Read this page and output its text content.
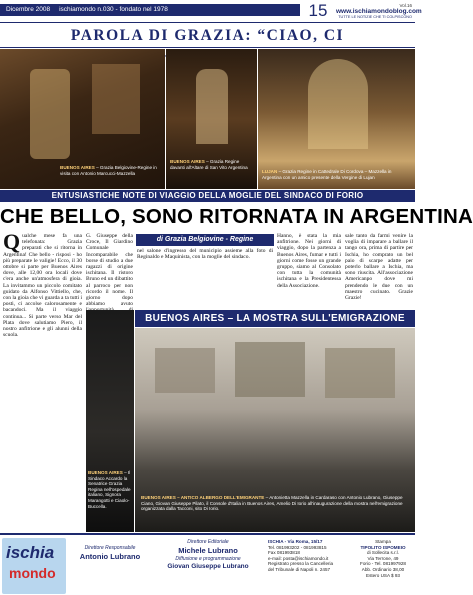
Dicembre 2008 ischiamondo n.030 - fondato nel 1978	15	Vol.16
www.ischiamondoblog.com
TUTTE LE NOTIZIE CHE TI COLPISCONO
PAROLA DI GRAZIA: “CIAO, CI
BUENOS AIRES – Grazia Belgiovine-Regine in visita con Antonio Marcucci-Mazzella
BUENOS AIRES – Grazia Regine davanti all'Altare di San Vito Argentina
LUJAN – Grazia Regine in Cattedrale Di Cordova – Mazzella in Argentina con un amico presente della Vergine di Lujan
ENTUSIASTICHE NOTE DI VIAGGIO DELLA MOGLIE DEL SINDACO DI FORIO
CHE BELLO, SONO RITORNATA IN ARGENTINA
Qualche mese fa una telefonata: Grazia preparati che si ritorna in Argentina! Che bello - risposi - ho più preparate le valigie! Ecco, il 30 ottobre si parte per Buenos Aires dove, alle 12,00 ora locali dove c'era anche un'atmosfera di gioia. La invitammo un piccolo comitato guidato da Alfonso Vittiello, che, con la gioia che vi guarda a ta tutti i posti, ci accolse calorosamente e bacandoci. Ma il viaggio continua... Si parte verso Mar del Plata dove salutiamo Piero, il nostro anfitrione e gli alunni della scuola.
G. Giuseppe della Croce, Il Giardino Comunale Incomparabile che borse di studio a due ragazzi di origine ischitana. Il ristoro Bruno ed un dibattito al parroco per non ricordo il nome. Il giorno dopo abbiamo avuto
di Grazia Belgiovine - Regine
nel salone d'ingresso del municipio assieme alla foto di Reginaldo e Maquinista, con la moglie del sindaco.
Hanno, è stata la mia anfitrione. Nei giorni di viaggio, dopo la partenza a Buenos Aires, fumar e tutti i giorni come fosse un grande gruppo, siamo al Consolato con tutta la comunità ischitana e la Presidentessa della Associazione.
sale tanto da farmi venire la voglia di imparare a ballare il tango ora, prima di partire per Ischia, ho comprato un bel paio di scarpe adatte per poterlo ballare a Ischia, ma sono riuscita. All'associazione Americanpo dove mi prendendo le due con un maestro cucinato. Grazie Grazie!
BUENOS AIRES – LA MOSTRA SULL'EMIGRAZIONE
BUENOS AIRES – Il Sindaco Accardo la Senatrice Grazia Regina nell'ospedale italiano, Signora Marangotti e Ciaolo-Buccella.
BUENOS AIRES – ANTICO ALBERGO DELL'EMIGRANTE – Antonietta Mazzella in Cardaraso con Antonio Lubrano, Giuseppe Ciano, Giovan Giuseppe Pilato, il Console d'Italia in Buenos Aires, Amelio Di Iorio all'inaugurazione della mostra nell'emigrazione organizzata dalla Tacconi, sito Di Iorio.
ischia
mondo
Direttore Responsabile
Antonio Lubrano
Direttore Editoriale
Michele Lubrano
Diffusione e programmazione
Giovan Giuseppe Lubrano
ISCHIA - Via Roma, 15/17
Tel. 081993202 - 081993815
Fax 081993818
e-mail: posta@ischiamondo.it
Registrato presso la Cancelleria
del Tribunale di Napoli n. 2457
Stampa
TIPOLITO ISPOMEIO
di Sollecita s.r.l.
Via Terrone, 49
Forio - Tel. 081997928
Abb. Ordinario 38,00
Estero USA $ 93
